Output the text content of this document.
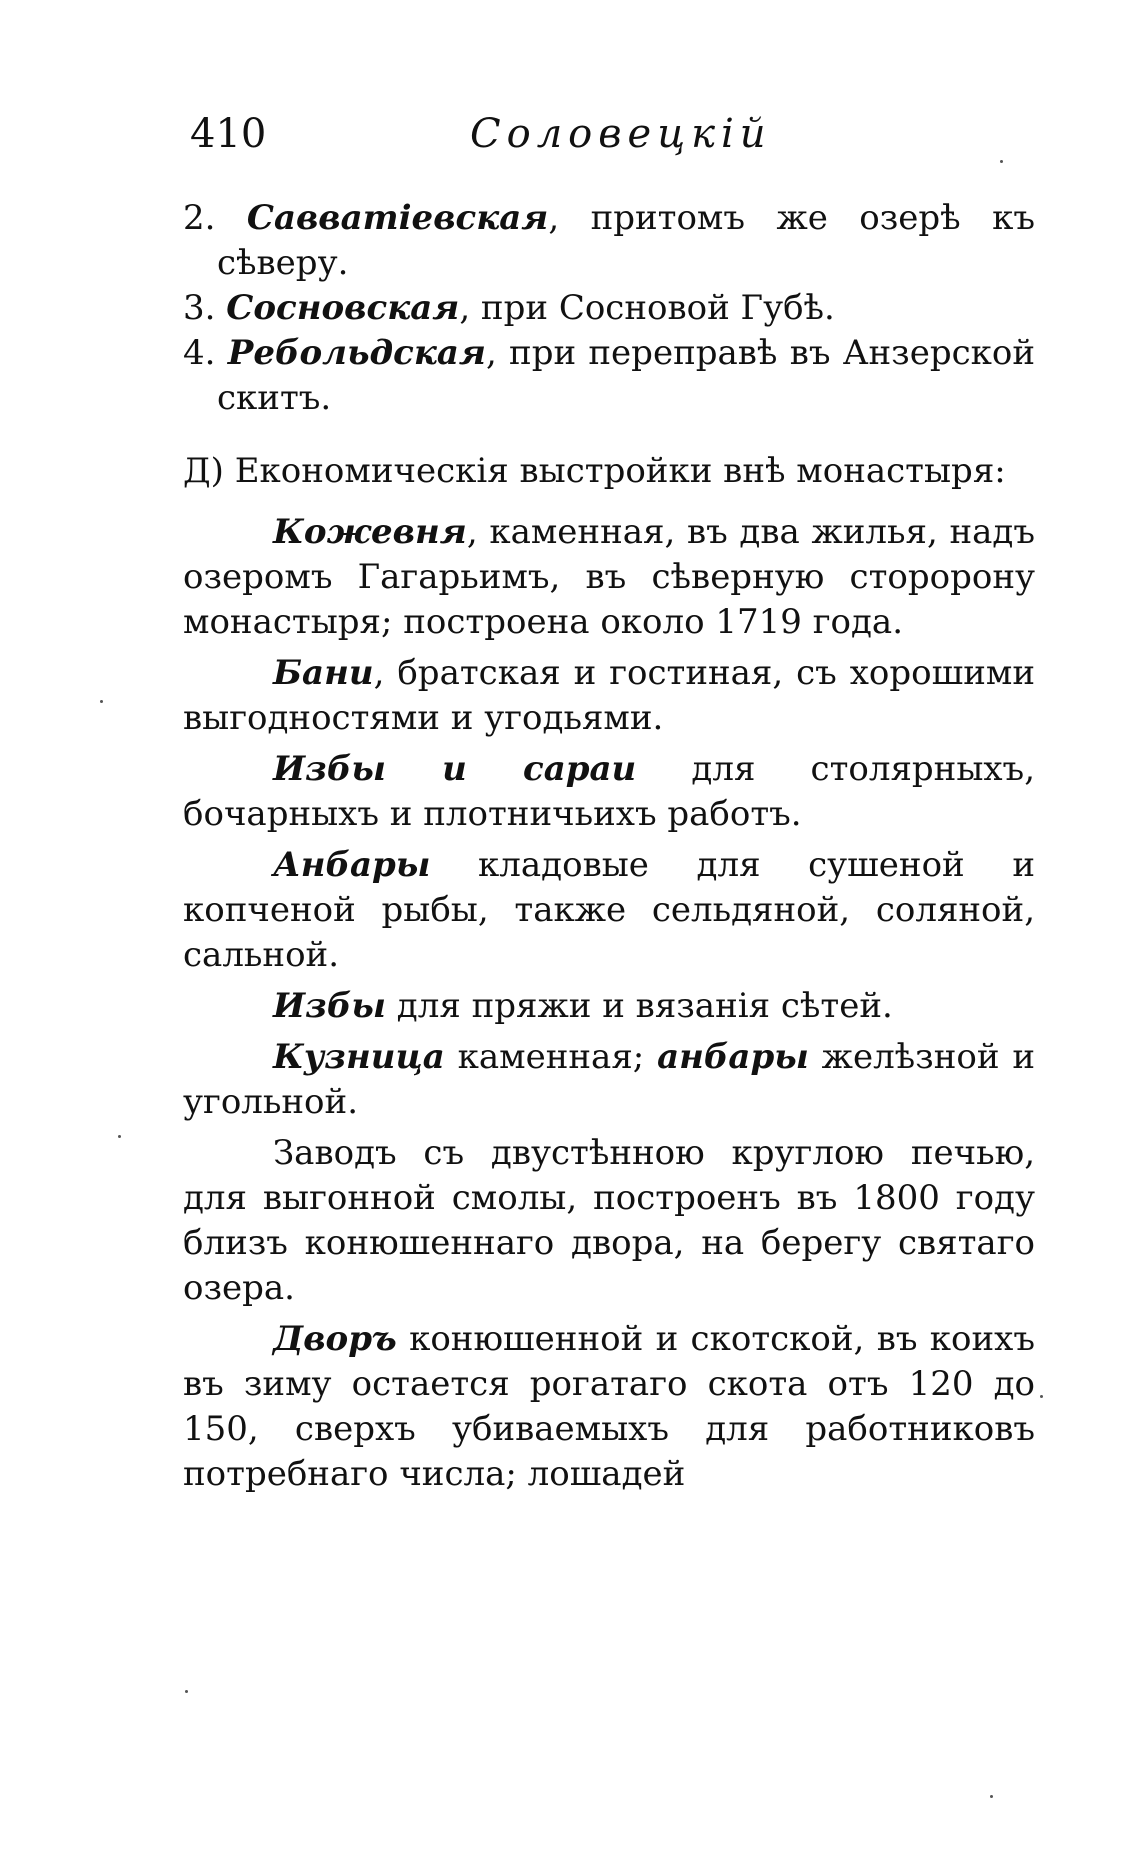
410	Соловецкій

2. Савватіевская, притомъ же озерѣ къ сѣверу.

3. Сосновская, при Сосновой Губѣ.

4. Ребольдская, при переправѣ въ Анзерской скитъ.

Д) Економическія выстройки внѣ монастыря:

Кожевня, каменная, въ два жилья, надъ озеромъ Гагарьимъ, въ сѣверную сторорону монастыря; построена около 1719 года.

Бани, братская и гостиная, съ хорошими выгодностями и угодьями.

Избы и сараи для столярныхъ, бочарныхъ и плотничьихъ работъ.

Анбары кладовые для сушеной и копченой рыбы, также сельдяной, соляной, сальной.

Избы для пряжи и вязанія сѣтей.

Кузница каменная; анбары желѣзной и угольной.

Заводъ съ двустѣнною круглою печью, для выгонной смолы, построенъ въ 1800 году близъ конюшеннаго двора, на берегу святаго озера.

Дворъ конюшенной и скотской, въ коихъ въ зиму остается рогатаго скота отъ 120 до 150, сверхъ убиваемыхъ для работниковъ потребнаго числа; лошадей
